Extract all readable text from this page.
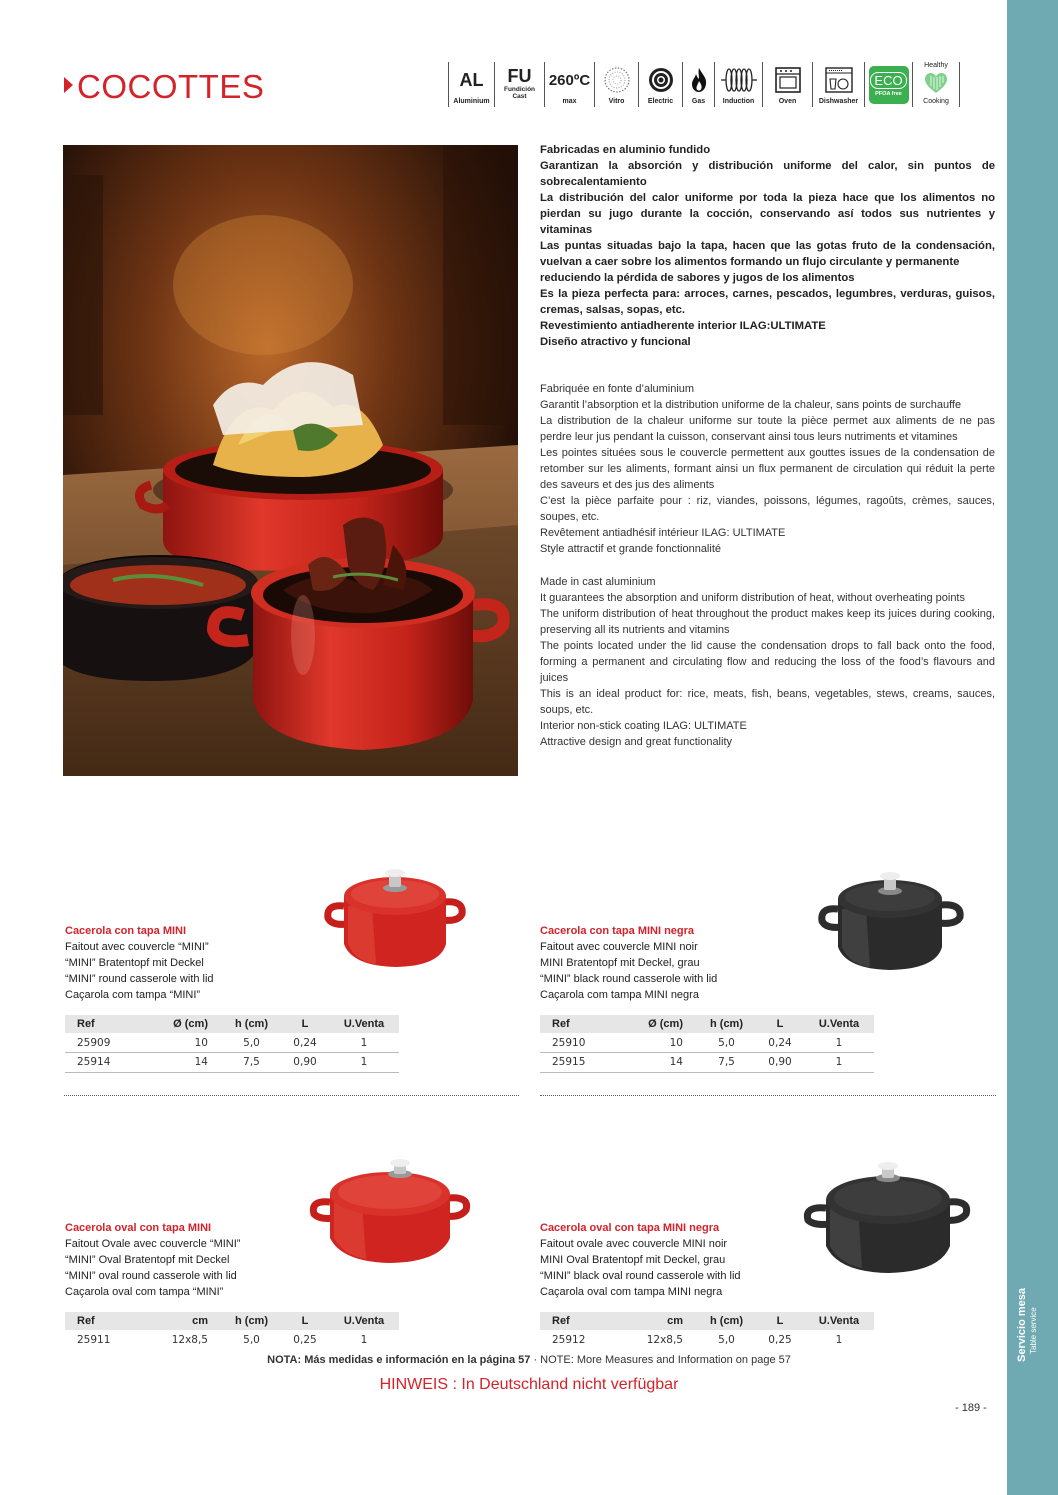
Servicio mesa Table service
COCOTTES	AL
Aluminium
FU
Fundición
Cast
260ºC
max	Vitro	Electric	Gas	Induction	Oven	Dishwasher
ECO
PFOA free
Healthy
Cooking

Fabricadas en aluminio fundido

Garantizan la absorción y distribución uniforme del calor, sin puntos de sobrecalentamiento

La distribución del calor uniforme por toda la pieza hace que los alimentos no pierdan su jugo durante la cocción, conservando así todos sus nutrientes y vitaminas

Las puntas situadas bajo la tapa, hacen que las gotas fruto de la condensación, vuelvan a caer sobre los alimentos formando un flujo circulante y permanente

reduciendo la pérdida de sabores y jugos de los alimentos

Es la pieza perfecta para: arroces, carnes, pescados, legumbres, verduras, guisos, cremas, salsas, sopas, etc.

Revestimiento antiadherente interior ILAG:ULTIMATE

Diseño atractivo y funcional

Fabriquée en fonte d’aluminium

Garantit l’absorption et la distribution uniforme de la chaleur, sans points de surchauffe

La distribution de la chaleur uniforme sur toute la pièce permet aux aliments de ne pas perdre leur jus pendant la cuisson, conservant ainsi tous leurs nutriments et vitamines

Les pointes situées sous le couvercle permettent aux gouttes issues de la condensation de retomber sur les aliments, formant ainsi un flux permanent de circulation qui réduit la perte des saveurs et des jus des aliments

C’est la pièce parfaite pour : riz, viandes, poissons, légumes, ragoûts, crèmes, sauces, soupes, etc.

Revêtement antiadhésif intérieur ILAG: ULTIMATE

Style attractif et grande fonctionnalité

Made in cast aluminium

It guarantees the absorption and uniform distribution of heat, without overheating points

The uniform distribution of heat throughout the product makes keep its juices during cooking, preserving all its nutrients and vitamins

The points located under the lid cause the condensation drops to fall back onto the food, forming a permanent and circulating flow and reducing the loss of the food’s flavours and juices

This is an ideal product for: rice, meats, fish, beans, vegetables, stews, creams, sauces, soups, etc.

Interior non-stick coating ILAG: ULTIMATE

Attractive design and great functionality

Cacerola con tapa MINI
Faitout avec couvercle “MINI”
“MINI” Bratentopf mit Deckel
“MINI” round casserole with lid
Caçarola com tampa “MINI”
Ref	Ø (cm)	h (cm)	L	U.Venta
25909	10	5,0	0,24	1
25914	14	7,5	0,90	1
Cacerola con tapa MINI negra
Faitout avec couvercle MINI noir
MINI Bratentopf mit Deckel, grau
“MINI” black round casserole with lid
Caçarola com tampa MINI negra
Ref	Ø (cm)	h (cm)	L	U.Venta
25910	10	5,0	0,24	1
25915	14	7,5	0,90	1
Cacerola oval con tapa MINI
Faitout Ovale avec couvercle “MINI”
“MINI” Oval Bratentopf mit Deckel
“MINI” oval round casserole with lid
Caçarola oval com tampa “MINI”
Ref	cm	h (cm)	L	U.Venta
25911	12x8,5	5,0	0,25	1
Cacerola oval con tapa MINI negra
Faitout ovale avec couvercle MINI noir
MINI Oval Bratentopf mit Deckel, grau
“MINI” black oval round casserole with lid
Caçarola oval com tampa MINI negra
Ref	cm	h (cm)	L	U.Venta
25912	12x8,5	5,0	0,25	1
NOTA: Más medidas e información en la página 57 · NOTE: More Measures and Information on page 57
HINWEIS : In Deutschland nicht verfügbar
- 189 -
